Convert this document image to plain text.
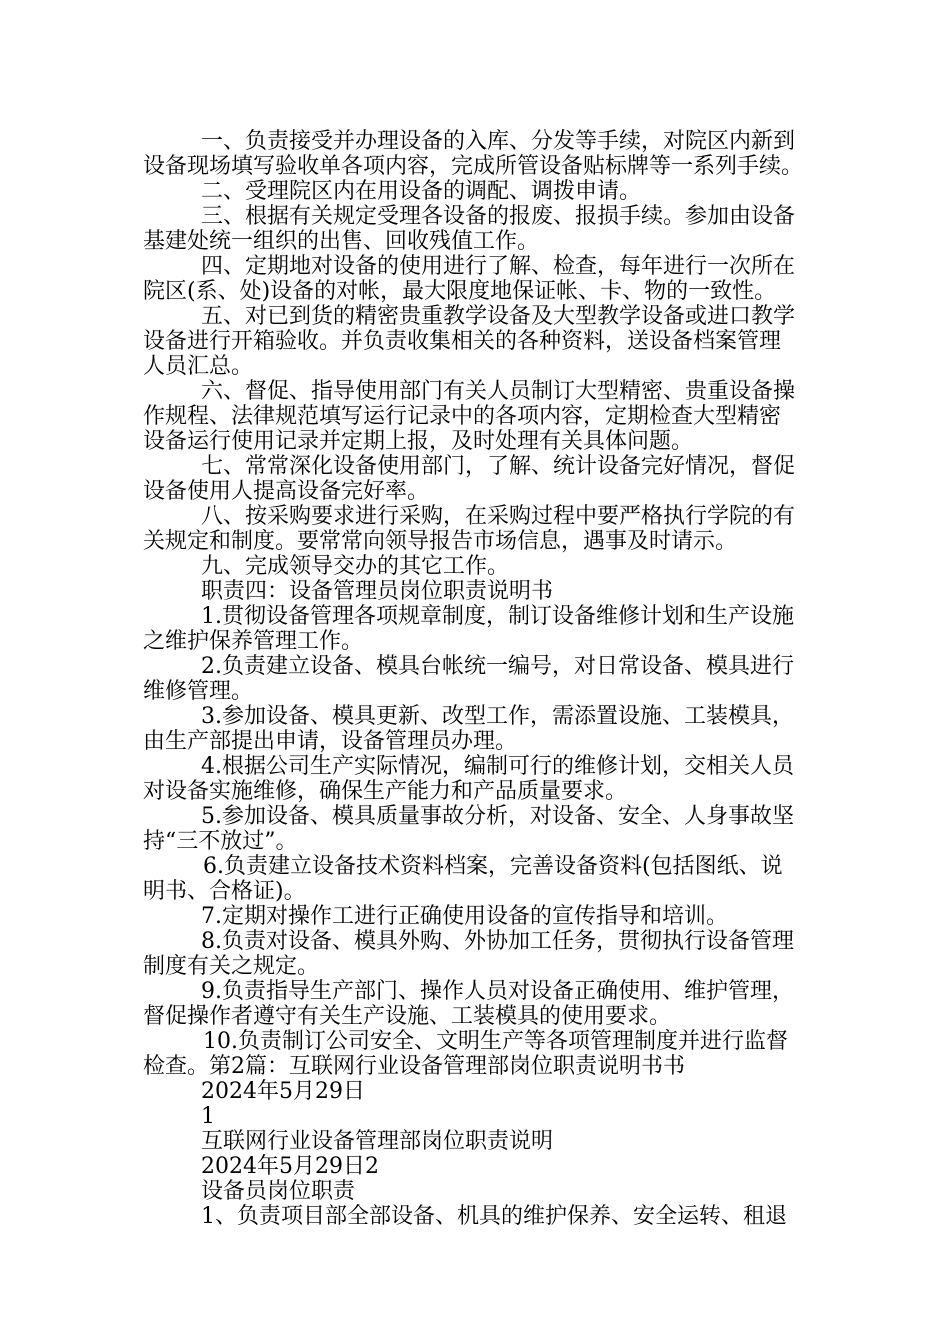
一、负责接受并办理设备的入库、分发等手续，对院区内新到
设备现场填写验收单各项内容，完成所管设备贴标牌等一系列手续。
二、受理院区内在用设备的调配、调拨申请。
三、根据有关规定受理各设备的报废、报损手续。参加由设备
基建处统一组织的出售、回收残值工作。
四、定期地对设备的使用进行了解、检查，每年进行一次所在
院区(系、处)设备的对帐，最大限度地保证帐、卡、物的一致性。
五、对已到货的精密贵重教学设备及大型教学设备或进口教学
设备进行开箱验收。并负责收集相关的各种资料，送设备档案管理
人员汇总。
六、督促、指导使用部门有关人员制订大型精密、贵重设备操
作规程、法律规范填写运行记录中的各项内容，定期检查大型精密
设备运行使用记录并定期上报，及时处理有关具体问题。
七、常常深化设备使用部门，了解、统计设备完好情况，督促
设备使用人提高设备完好率。
八、按采购要求进行采购，在采购过程中要严格执行学院的有
关规定和制度。要常常向领导报告市场信息，遇事及时请示。
九、完成领导交办的其它工作。
职责四：设备管理员岗位职责说明书
1.贯彻设备管理各项规章制度，制订设备维修计划和生产设施
之维护保养管理工作。
2.负责建立设备、模具台帐统一编号，对日常设备、模具进行
维修管理。
3.参加设备、模具更新、改型工作，需添置设施、工装模具，
由生产部提出申请，设备管理员办理。
4.根据公司生产实际情况，编制可行的维修计划，交相关人员
对设备实施维修，确保生产能力和产品质量要求。
5.参加设备、模具质量事故分析，对设备、安全、人身事故坚
持“三不放过”。
6.负责建立设备技术资料档案，完善设备资料(包括图纸、说
明书、合格证)。
7.定期对操作工进行正确使用设备的宣传指导和培训。
8.负责对设备、模具外购、外协加工任务，贯彻执行设备管理
制度有关之规定。
9.负责指导生产部门、操作人员对设备正确使用、维护管理，
督促操作者遵守有关生产设施、工装模具的使用要求。
10.负责制订公司安全、文明生产等各项管理制度并进行监督
检查。第2篇：互联网行业设备管理部岗位职责说明书书
2024年5月29日
1
互联网行业设备管理部岗位职责说明
2024年5月29日2
设备员岗位职责
1、负责项目部全部设备、机具的维护保养、安全运转、租退
